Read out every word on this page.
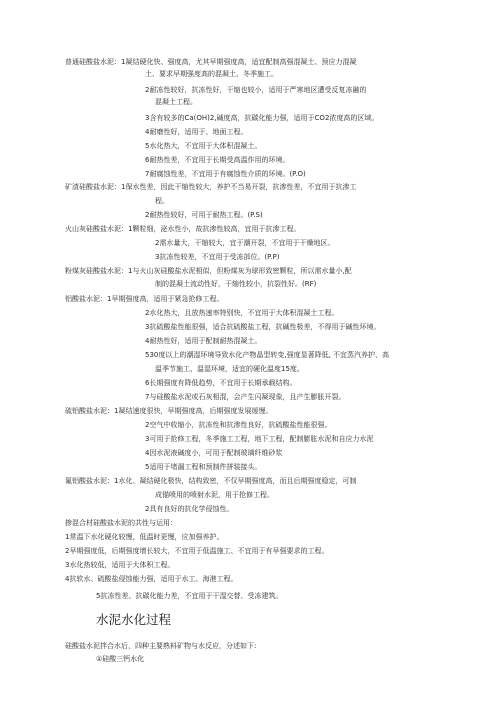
普通硅酸盐水泥：1凝结硬化快、强度高，尤其早期强度高，适宜配制高强混凝土、预应力混凝
土、要求早期强度高的混凝土、冬季施工。
2耐冻性较好，抗冻性好，干缩也较小，适用于严寒地区遭受反复冻融的
混凝土工程。
3含有较多的Ca(OH)2,碱度高，抗碳化能力强，适用于CO2浓度高的区域。
4耐磨性好，适用于、地面工程。
5水化热大，不宜用于大体积混凝土。
6耐热性差，不宜用于长期受高温作用的环境。
7耐腐蚀性差，不宜用于有腐蚀性介质的环境。(P.O)
矿渣硅酸盐水泥：1保水性差，因此干缩性较大，养护不当易开裂，抗渗性差，不宜用于抗渗工
程。
2耐热性较好，可用于耐热工程。(P.S)
火山灰硅酸盐水泥：1颗粒细，泌水性小，故抗渗性较高，宜用于抗渗工程。
2需水量大，干缩较大，宜于潮开裂，不宜用于干燥地区。
3抗冻性较差，不宜用于受冻部位。(P.P)
粉煤灰硅酸盐水泥：1与火山灰硅酸盐水泥相似，但粉煤灰为球形致密颗粒，所以需水量小,配
制的混凝土流动性好，干缩性较小，抗裂性好。(RF)
铝酸盐水泥：1早期强度高，适用于紧急抢修工程。
2水化热大，且放热速率特别快，不宜用于大体积混凝土工程。
3抗硫酸盐性能很强，适合抗硫酸盐工程，抗碱性极差，不得用于碱性环境。
4耐热性好，适用于配制耐热混凝土。
530度以上的潮湿环境导致水化产物晶型转变,强度显著降低, 不宜蒸汽养护、高
温季节施工、温湿环境，适宜的硬化温度15度。
6长期强度有降低趋势，不宜用于长期承载结构。
7与硅酸盐水泥或石灰相混，会产生闪凝现象，且产生膨胀开裂。
硫铝酸盐水泥：1凝结速度很快，早期强度高，后期强度发展缓慢。
2空气中收缩小，抗冻性和抗渗性良好，抗硫酸盐性能很强。
3可用于抢修工程，冬季施工工程，地下工程，配制膨胀水泥和自应力水泥
4因水泥液碱度小，可用于配制玻璃纤维砂浆
5适用于堵漏工程和预制件拼装接头。
氟铝酸盐水泥：1水化、凝结硬化极快，结构致密，不仅早期强度高，而且后期强度稳定，可制
成锚喷用的喷射水泥，用于抢修工程。
2具有良好的抗化学侵蚀性。
掺混合材硅酸盐水泥的共性与运用：
1常温下水化硬化较慢，低温时更慢，应加强养护。
2早期强度低，后期强度增长较大，不宜用于低温施工、不宜用于有早强要求的工程。
3水化热较低，适用于大体积工程。
4抗软水、硫酸盐侵蚀能力强，适用于水工、海港工程。
5抗冻性差、抗碳化能力差，不宜用于干湿交替、受冻建筑。
水泥水化过程
硅酸盐水泥拌合水后，四种主要熟料矿物与水反应，分述如下:
①硅酸三钙水化
